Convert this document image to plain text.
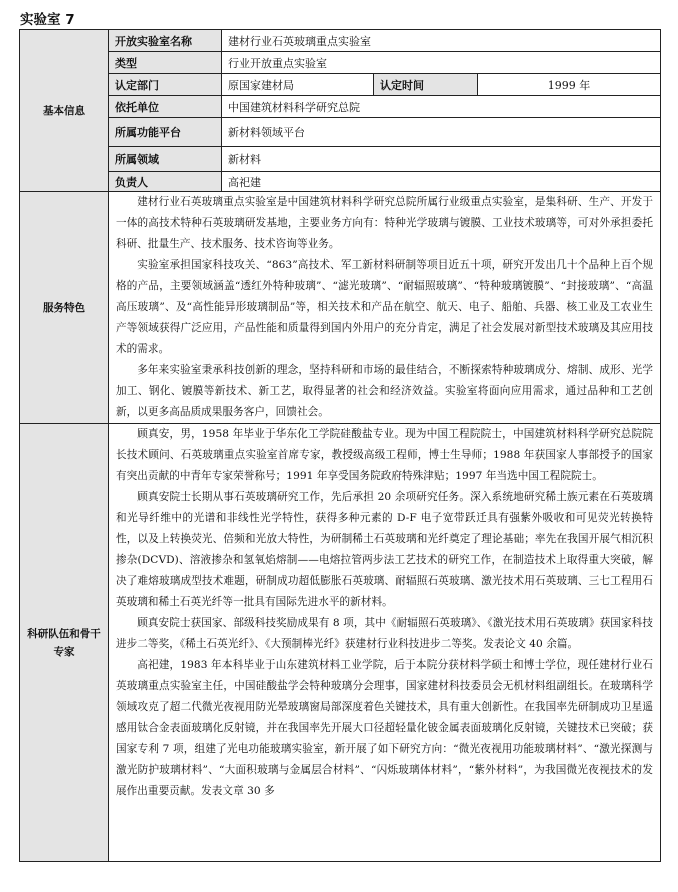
实验室 7
基本信息	开放实验室名称	建材行业石英玻璃重点实验室		
	类型	行业开放重点实验室		
	认定部门	原国家建材局	认定时间	1999 年
	依托单位	中国建筑材料科学研究总院		
	所属功能平台	新材料领域平台		
	所属领域	新材料		
	负责人	高祀建		
服务特色	建材行业石英玻璃重点实验室是中国建筑材料科学研究总院所属行业级重点实验室，是集科研、生产、开发于一体的高技术特种石英玻璃研发基地，主要业务方向有：特种光学玻璃与镀膜、工业技术玻璃等，可对外承担委托科研、批量生产、技术服务、技术咨询等业务。

实验室承担国家科技攻关、“863”高技术、军工新材料研制等项目近五十项，研究开发出几十个品种上百个规格的产品，主要领域涵盖“透红外特种玻璃”、“滤光玻璃”、“耐辐照玻璃”、“特种玻璃镀膜”、“封接玻璃”、“高温高压玻璃”、及“高性能异形玻璃制品”等，相关技术和产品在航空、航天、电子、船舶、兵器、核工业及工农业生产等领域获得广泛应用，产品性能和质量得到国内外用户的充分肯定，满足了社会发展对新型技术玻璃及其应用技术的需求。

多年来实验室秉承科技创新的理念，坚持科研和市场的最佳结合，不断探索特种玻璃成分、熔制、成形、光学加工、钢化、镀膜等新技术、新工艺，取得显著的社会和经济效益。实验室将面向应用需求，通过品种和工艺创新，以更多高品质成果服务客户，回馈社会。			

科研队伍和骨干专家	顾真安，男，1958 年毕业于华东化工学院硅酸盐专业。现为中国工程院院士，中国建筑材料科学研究总院院长技术顾问、石英玻璃重点实验室首席专家，教授级高级工程师，博士生导师；1988 年获国家人事部授予的国家有突出贡献的中青年专家荣誉称号；1991 年享受国务院政府特殊津贴；1997 年当选中国工程院院士。

顾真安院士长期从事石英玻璃研究工作，先后承担 20 余项研究任务。深入系统地研究稀土族元素在石英玻璃和光导纤维中的光谱和非线性光学特性，获得多种元素的 D-F 电子宽带跃迁具有强紫外吸收和可见荧光转换特性，以及上转换荧光、倍频和光放大特性，为研制稀土石英玻璃和光纤奠定了理论基础；率先在我国开展气相沉积掺杂(DCVD)、溶液掺杂和氢氧焰熔制——电熔拉管两步法工艺技术的研究工作，在制造技术上取得重大突破，解决了难熔玻璃成型技术难题，研制成功超低膨胀石英玻璃、耐辐照石英玻璃、激光技术用石英玻璃、三七工程用石英玻璃和稀土石英光纤等一批具有国际先进水平的新材料。

顾真安院士获国家、部级科技奖励成果有 8 项，其中《耐辐照石英玻璃》、《激光技术用石英玻璃》获国家科技进步二等奖，《稀土石英光纤》、《大预制棒光纤》获建材行业科技进步二等奖。发表论文 40 余篇。

高祀建，1983 年本科毕业于山东建筑材料工业学院，后于本院分获材料学硕士和博士学位，现任建材行业石英玻璃重点实验室主任，中国硅酸盐学会特种玻璃分会理事，国家建材科技委员会无机材料组副组长。在玻璃科学领域攻克了超二代微光夜视用防光晕玻璃窗局部深度着色关键技术，具有重大创新性。在我国率先研制成功卫星遥感用钛合金表面玻璃化反射镜，并在我国率先开展大口径超轻量化铍金属表面玻璃化反射镜，关键技术已突破；获国家专利 7 项，组建了光电功能玻璃实验室，新开展了如下研究方向：“微光夜视用功能玻璃材料”、“激光探测与激光防护玻璃材料”、“大面积玻璃与金属层合材料”、“闪烁玻璃体材料”，“紫外材料”，为我国微光夜视技术的发展作出重要贡献。发表文章 30 多			
